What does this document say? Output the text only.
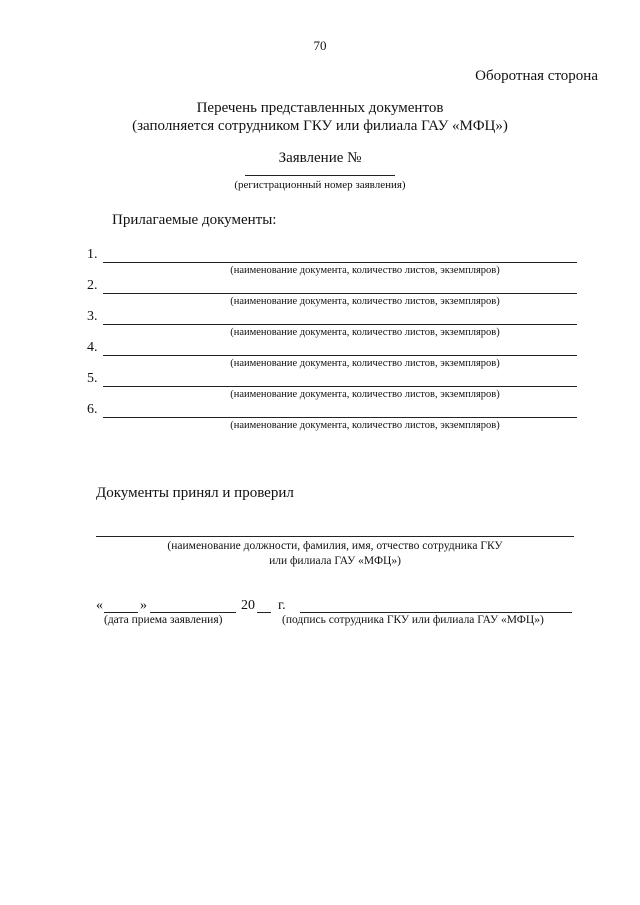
70
Оборотная сторона
Перечень представленных документов
(заполняется сотрудником ГКУ или филиала ГАУ «МФЦ»)
Заявление №
(регистрационный номер заявления)
Прилагаемые документы:
1.
(наименование документа, количество листов, экземпляров)
2.
(наименование документа, количество листов, экземпляров)
3.
(наименование документа, количество листов, экземпляров)
4.
(наименование документа, количество листов, экземпляров)
5.
(наименование документа, количество листов, экземпляров)
6.
(наименование документа, количество листов, экземпляров)
Документы принял и проверил
(наименование должности, фамилия, имя, отчество сотрудника ГКУ
или филиала ГАУ «МФЦ»)
«	»	20 г.
(дата приема заявления)	(подпись сотрудника ГКУ или филиала ГАУ «МФЦ»)
